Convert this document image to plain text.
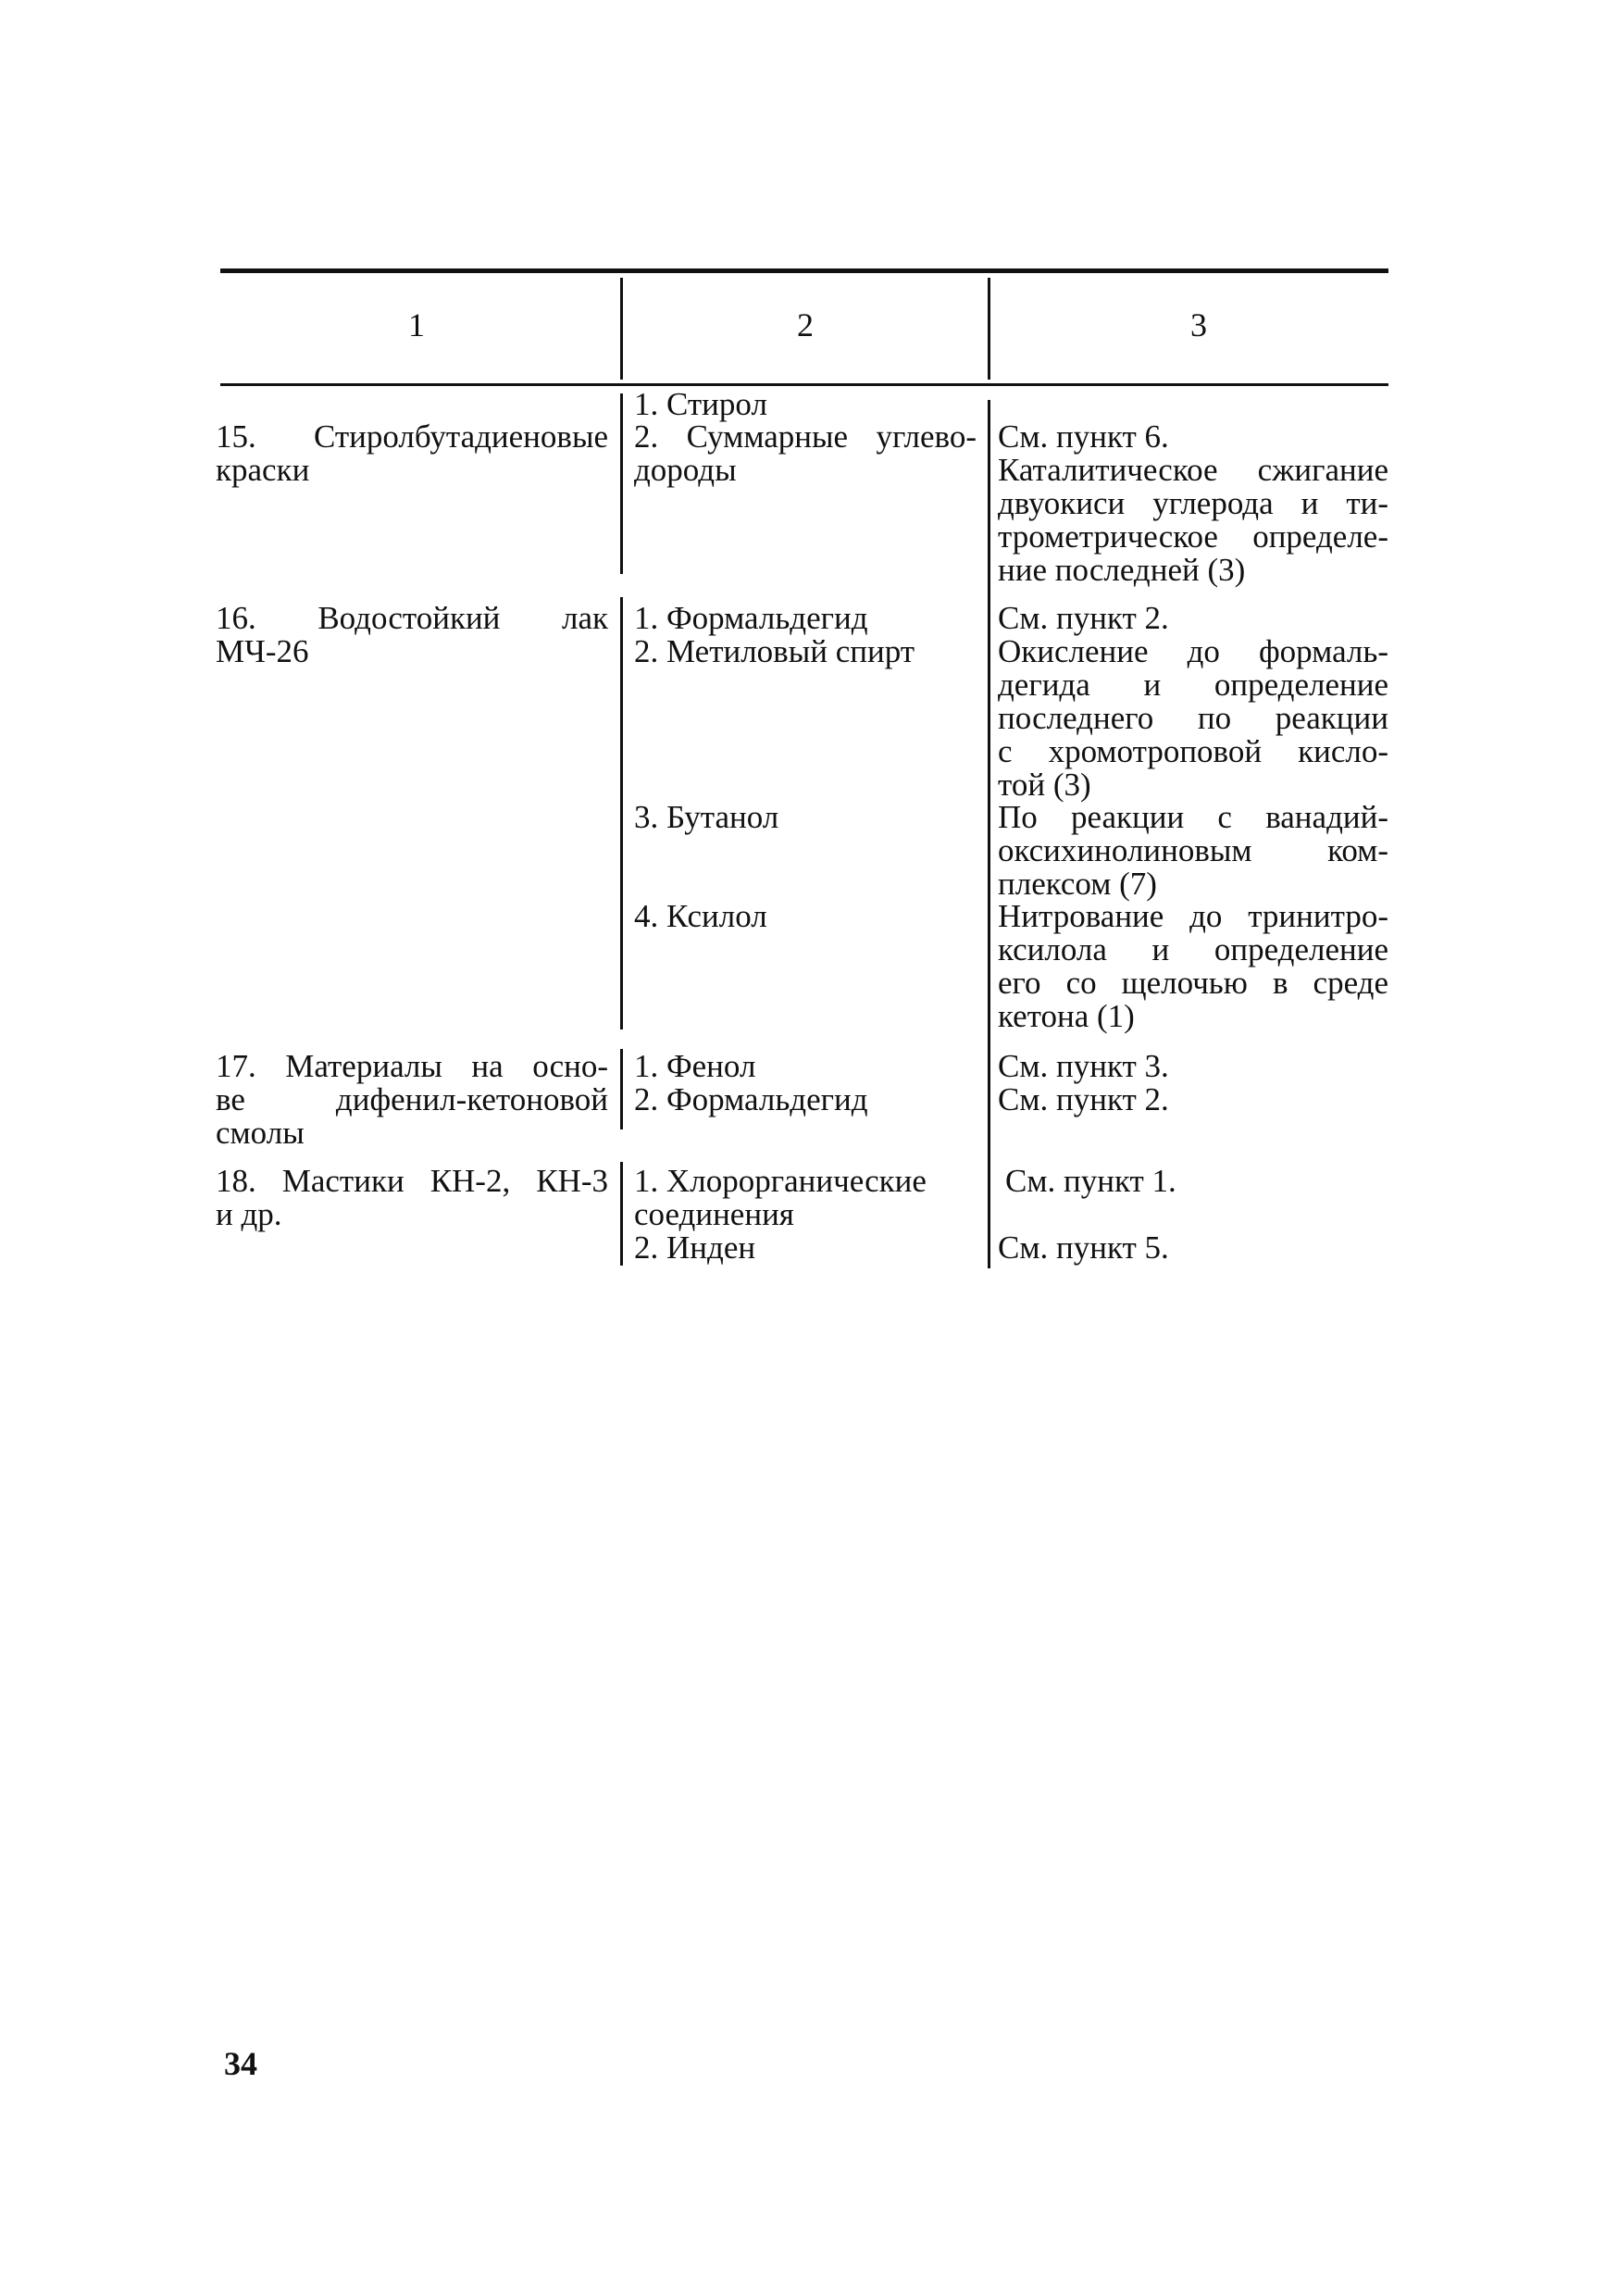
1	2	3

15. Стиролбутадиеновые

краски

1. Стирол

2. Суммарные углево-

дороды

См. пункт 6.

Каталитическое сжигание

двуокиси углерода и ти-

трометрическое определе-

ние последней (3)

16. Водостойкий лак

МЧ-26

1. Формальдегид

2. Метиловый спирт

3. Бутанол

4. Ксилол

См. пункт 2.

Окисление до формаль-

дегида и определение

последнего по реакции

с хромотроповой кисло-

той (3)

По реакции с ванадий-

оксихинолиновым ком-

плексом (7)

Нитрование до тринитро-

ксилола и определение

его со щелочью в среде

кетона (1)

17. Материалы на осно-

ве дифенил-кетоновой

смолы

1. Фенол

2. Формальдегид

См. пункт 3.

См. пункт 2.

18. Мастики КН-2, КН-3

и др.

1. Хлорорганические

соединения

2. Инден

См. пункт 1.

См. пункт 5.

34
